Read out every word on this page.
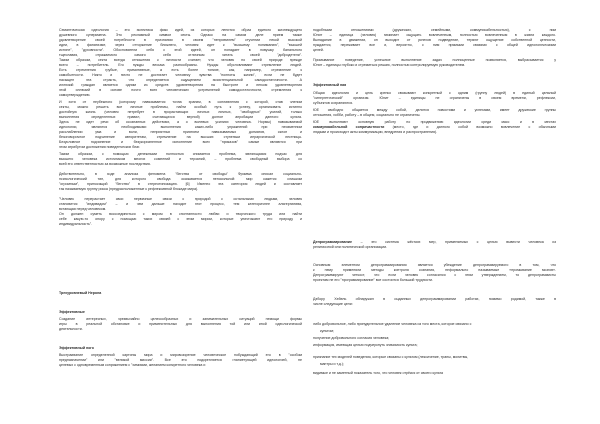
Семантическая идеология – это эклектика фикс идей, из которых лепится образ единого жизнеждущего
душевного суперкмена. Это рекламный символ секты. Однако на самом деле прием также
удовлетворение своей потребности в признании в своем "неприемлем" стучении некой высокой
идеи, в фанатизме, через отторжение ближнего, человек идет к "высшему пониманию", "высшей
истине", "духовности". Обоснователи себя с этой идеей, он попадает в ловушку банального
тщеславия, отражаемого самого себя отличным читать своей "добродетели".
Таким образом, секта всегда отношения к личности считает, что человек по своей природе прежде
всего – потребитель. Его нужды весьма разнообразны. Нужды обусловливают стремление людей.
Есть стремления грубые, примитивные, а есть более тонкие, как, например, стремление к
самобытности. Никто и ничто не достигает человеку чувства "полноты жизни", если не будет
насыщен эта страсть, что определяется ощущением экзистенциальной самодостаточности. А
иллюзий граждан является одним из средств удовлетворения на быстроте и легком удовлетворения
этой иллюзий в основе почти всех человеческих устремлений самодостаточности, стремления к
самоутверждению.
И хотя от неубежного (которому навязывается точна храним, в сопливления с которой, став членом
секты, можно решить все личные проблемы, найти особый путь к успеху, организовать истинно
достойную жизнь (человек нетребует в прорастающих личных личных, "свободных" усилий, только
выполнения определенных правил, считающихся верной) долгое апробации данного культа.
Здесь не идет речи об осознанных действиях, а о волевых усилиях человека. Нормы) навязываемой
идеологии, являются необходимыми выполнения каких-либо упражнений при неизменном
расслаблении ума и воли, неприятных приятием навязываемых догматов, склон и
безоговорочное подчинение авторитетам, стремление на высших ступеньки иерархической лестницы.
Безусловное подчинение и безукоризненное исполнение всех "приказов" самые являются при
этом атрибутом достижения поведенческих благ.
Таким образом, с помощью денежными полностью снимается проблема, являющаяся подчас для
высшего человека источником многих сомнений и терзаний, – проблема свободный выбора со
всей его ответственностью за возможные последствия.
Действительно, в ходе анализа феномена "бегства от свободы" Фромма описал социально-
психологический тип, для которого свобода оказывается непосильной: мир кажется слишком
"огромным", приносящий "бегство" в стереотипизацию. [6] Именно эта категория людей и составляет
так называемую группу риска (предрасположенные к рефлексивной блокаде мира).
"Человек перерастает свои первичные связи с природой с остальными людьми, человек
становится "индивидом" – и чем дальше находит этот процесс, тем категоричнее альтернатива,
встающая перед человеком.
Он должен суметь воссоединиться с миром в спонтанности любви и творческого труда или найти
себе какую-то опору с помощью таких связей с этим миром, которые уничтожают его природу и
индивидуальность".
Трехуровневый Нерона
Эффективные
Создание интересных, чрезвычайно целесообразных и занимательных ситуаций немощи формы
игры в реальной обстановке и применительных для выполнения той или иной идеологической
деятельности.
Эффективный ного
Выстраивание определенной картины мира и мировоззрение человеческое побуждающий его в "особом
предназначении" или "великой миссии". Все это подкрепляется гланиетующей идеологией, не
целевых с одновременным сопряжением с "химиями, желанием конкретного человека и
подобными отношениями (дружеских, семейными, коммуникабельностью), с ним
Юнит – единица (человек) начинает ощущать вовлеченным, полностью вовлеченным в жизни каждого.
Выпадание в движении, он выходит от успехов подведение, теряют ощущение собственной ценности,
нуждается, переживает все и, вероятно, с ним прямыми связями с общей идеологическими
целей.
Промывание поведение, успешное выполнение задач полноценные позволяется, выбрасывается у
Юнит – единицы глубоко и стремиться решаю, полностью контролируемую руководителем.
Эффективный ная
Общая идеология и цель крепко связывают конкретный с одним (группу людей) в единый цельный
"синергетический" организм. Юнит – единицы не ограничены в своем времени, рефлексии,
субъектов сохраняются.
ЮЕ свободно общается между собой, делится новостями и успехами, имеет дружеские группы
отношения, хобби, работу – в общем, социально не ограничены.
ЮЕ выполняют основную работу по продвижению идеологии среди масс и в местах
коммуникабельной сопричастности (место, где и данного собой возможно вовлечение с обычными
людьми и происходит акты коммуникации, внедрения и распространения).
Депрограммирование – это система жёстких мер, применяемых с целью вывести человека из
религиозной или политической организации.
Основным элементом депрограммирования является убеждение депрограммируемого в том, что
к нему применяли методы контроля сознания, неформально называемые «промывание мозгов».
Депрограммируют четкост, что если человек согласился с этим утверждением, то депрограммисты
проектам не его "программирование" все состоится большой трудности.
Дэбору Хейель обнаружил в сыданных депрограммировании работах, помимо родимой, также в
числе следующие цели:
либо добровольное, либо принудительное удаление человека из того места, которое связано с
культом;
получение добровольного согласия человека;
информация, имеющая целью подчеркнуть значимость культа;
признание тех моделей поведения, которые связаны с культом (лексичение, трапы, молитвы,
мантры и т.д.);
видимые и не заметный показатель того, что человек отрёкся от своего культа
